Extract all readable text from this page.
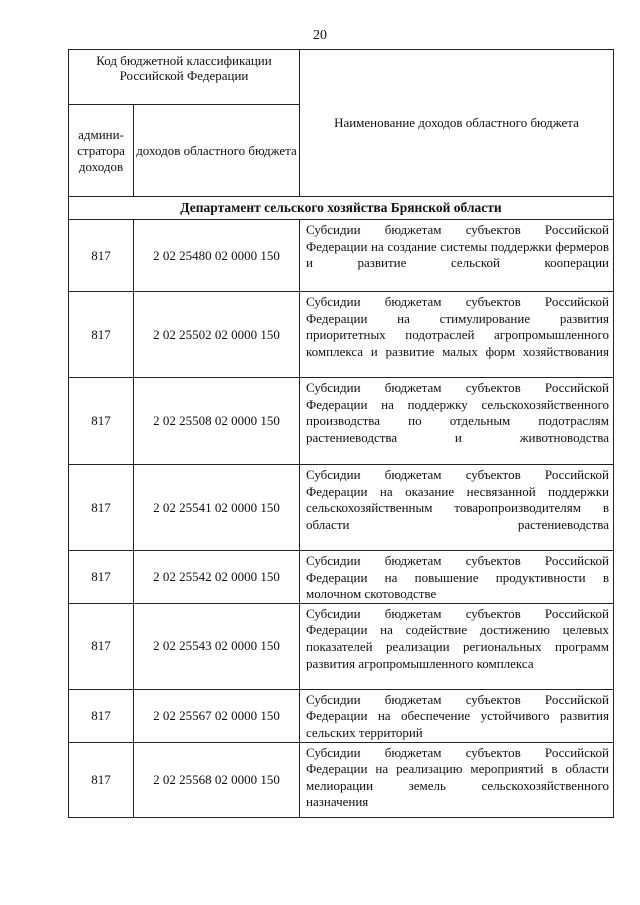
20
Код бюджетной классификации Российской Федерации		Наименование доходов областного бюджета
админи-стратора доходов	доходов областного бюджета	
Департамент сельского хозяйства Брянской области		
817	2 02 25480 02 0000 150	Субсидии бюджетам субъектов Российской Федерации на создание системы поддержки фермеров и развитие сельской кооперации
817	2 02 25502 02 0000 150	Субсидии бюджетам субъектов Российской Федерации на стимулирование развития приоритетных подотраслей агропромышленного комплекса и развитие малых форм хозяйствования
817	2 02 25508 02 0000 150	Субсидии бюджетам субъектов Российской Федерации на поддержку сельскохозяйственного производства по отдельным подотраслям растениеводства и животноводства
817	2 02 25541 02 0000 150	Субсидии бюджетам субъектов Российской Федерации на оказание несвязанной поддержки сельскохозяйственным товаропроизводителям в области растениеводства
817	2 02 25542 02 0000 150	Субсидии бюджетам субъектов Российской Федерации на повышение продуктивности в молочном скотоводстве
817	2 02 25543 02 0000 150	Субсидии бюджетам субъектов Российской Федерации на содействие достижению целевых показателей реализации региональных программ развития агропромышленного комплекса
817	2 02 25567 02 0000 150	Субсидии бюджетам субъектов Российской Федерации на обеспечение устойчивого развития сельских территорий
817	2 02 25568 02 0000 150	Субсидии бюджетам субъектов Российской Федерации на реализацию мероприятий в области мелиорации земель сельскохозяйственного назначения
